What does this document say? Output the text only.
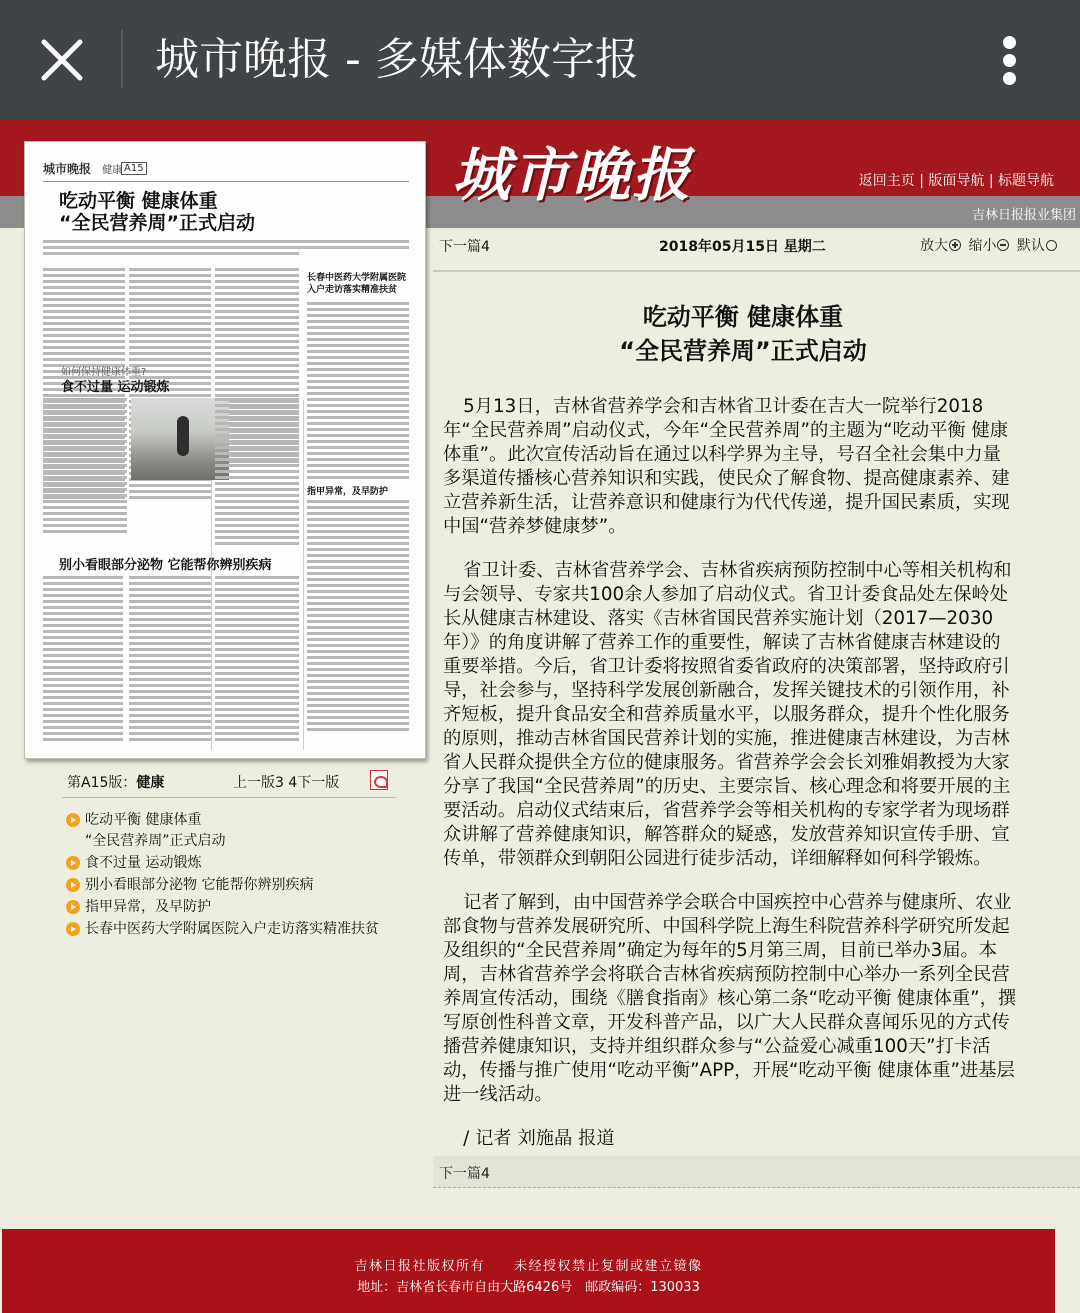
城市晚报 - 多媒体数字报
城市晚报	返回主页 | 版面导航 | 标题导航
吉林日报报业集团
城市晚报 健康 A15
吃动平衡 健康体重
“全民营养周”正式启动
长春中医药大学附属医院
入户走访落实精准扶贫
如何保持健康体重?
食不过量 运动锻炼
指甲异常，及早防护
别小看眼部分泌物 它能帮你辨别疾病
第A15版：健康	上一版3 4下一版
吃动平衡 健康体重
“全民营养周”正式启动
食不过量 运动锻炼
别小看眼部分泌物 它能帮你辨别疾病
指甲异常，及早防护
长春中医药大学附属医院入户走访落实精准扶贫
下一篇4	2018年05月15日 星期二	放大 缩小 默认
吃动平衡 健康体重
“全民营养周”正式启动

5月13日，吉林省营养学会和吉林省卫计委在吉大一院举行2018年“全民营养周”启动仪式，今年“全民营养周”的主题为“吃动平衡 健康体重”。此次宣传活动旨在通过以科学界为主导，号召全社会集中力量多渠道传播核心营养知识和实践，使民众了解食物、提高健康素养、建立营养新生活，让营养意识和健康行为代代传递，提升国民素质，实现中国“营养梦健康梦”。

省卫计委、吉林省营养学会、吉林省疾病预防控制中心等相关机构和与会领导、专家共100余人参加了启动仪式。省卫计委食品处左保岭处长从健康吉林建设、落实《吉林省国民营养实施计划（2017—2030年）》的角度讲解了营养工作的重要性，解读了吉林省健康吉林建设的重要举措。今后，省卫计委将按照省委省政府的决策部署，坚持政府引导，社会参与，坚持科学发展创新融合，发挥关键技术的引领作用，补齐短板，提升食品安全和营养质量水平，以服务群众，提升个性化服务的原则，推动吉林省国民营养计划的实施，推进健康吉林建设，为吉林省人民群众提供全方位的健康服务。省营养学会会长刘雅娟教授为大家分享了我国“全民营养周”的历史、主要宗旨、核心理念和将要开展的主要活动。启动仪式结束后，省营养学会等相关机构的专家学者为现场群众讲解了营养健康知识，解答群众的疑惑，发放营养知识宣传手册、宣传单，带领群众到朝阳公园进行徒步活动，详细解释如何科学锻炼。

记者了解到，由中国营养学会联合中国疾控中心营养与健康所、农业部食物与营养发展研究所、中国科学院上海生科院营养科学研究所发起及组织的“全民营养周”确定为每年的5月第三周，目前已举办3届。本周，吉林省营养学会将联合吉林省疾病预防控制中心举办一系列全民营养周宣传活动，围绕《膳食指南》核心第二条“吃动平衡 健康体重”，撰写原创性科普文章，开发科普产品，以广大人民群众喜闻乐见的方式传播营养健康知识，支持并组织群众参与“公益爱心减重100天”打卡活动，传播与推广使用“吃动平衡”APP，开展“吃动平衡 健康体重”进基层进一线活动。

/ 记者 刘施晶 报道

下一篇4
吉林日报社版权所有　　未经授权禁止复制或建立镜像
地址：吉林省长春市自由大路6426号　邮政编码：130033
